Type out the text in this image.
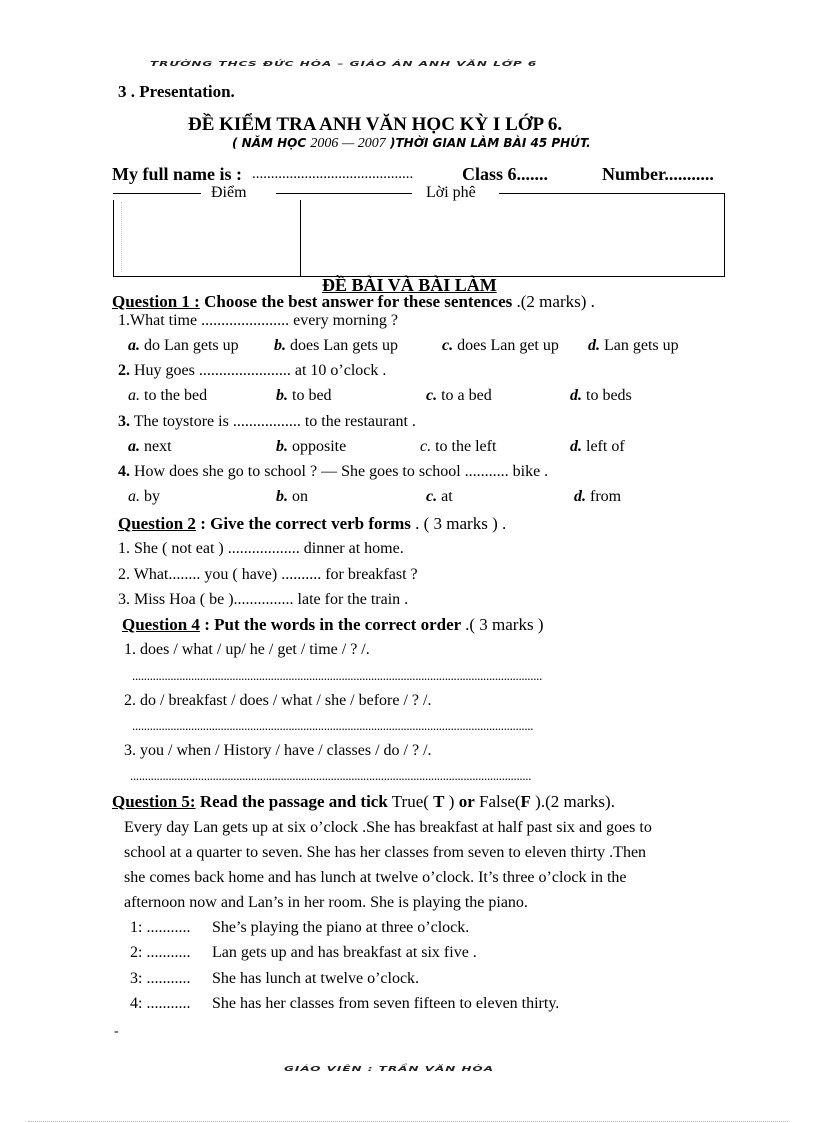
TRƯỜNG THCS ĐỨC HÒA – GIÁO ÁN ANH VĂN LỚP 6
3 . Presentation.
ĐỀ KIỂM TRA ANH VĂN HỌC KỲ I LỚP 6.
( NĂM HỌC 2006 — 2007 )THỜI GIAN LÀM BÀI 45 PHÚT.
My full name is : ...........................................	Class 6.......	Number...........
Điểm	Lời phê
ĐỀ BÀI VÀ BÀI LÀM
Question 1 : Choose the best answer for these sentences .(2 marks) .
1.What time ...................... every morning ?
a. do Lan gets up b. does Lan gets up	c. does Lan get up d. Lan gets up
2. Huy goes ....................... at 10 o’clock .
a. to the bed	b. to bed	c. to a bed	d. to beds
3. The toystore is ................. to the restaurant .
a. next	b. opposite	c. to the left	d. left of
4. How does she go to school ? — She goes to school ........... bike .
a. by	b. on	c. at	d. from
Question 2 : Give the correct verb forms . ( 3 marks ) .
1. She ( not eat ) .................. dinner at home.
2. What........ you ( have) .......... for breakfast ?
3. Miss Hoa ( be )............... late for the train .
Question 4 : Put the words in the correct order .( 3 marks )
1. does / what / up/ he / get / time / ? /.
...........................................................................................................................................
2. do / breakfast / does / what / she / before / ? /.
........................................................................................................................................
3. you / when / History / have / classes / do / ? /.
........................................................................................................................................
Question 5: Read the passage and tick True( T ) or False(F ).(2 marks).
Every day Lan gets up at six o’clock .She has breakfast at half past six and goes to
school at a quarter to seven. She has her classes from seven to eleven thirty .Then
she comes back home and has lunch at twelve o’clock. It’s three o’clock in the
afternoon now and Lan’s in her room. She is playing the piano.
1: ........... She’s playing the piano at three o’clock.
2: ........... Lan gets up and has breakfast at six five .
3: ........... She has lunch at twelve o’clock.
4: ........... She has her classes from seven fifteen to eleven thirty.
-
GIÁO VIÊN : TRẦN VĂN HÒA
